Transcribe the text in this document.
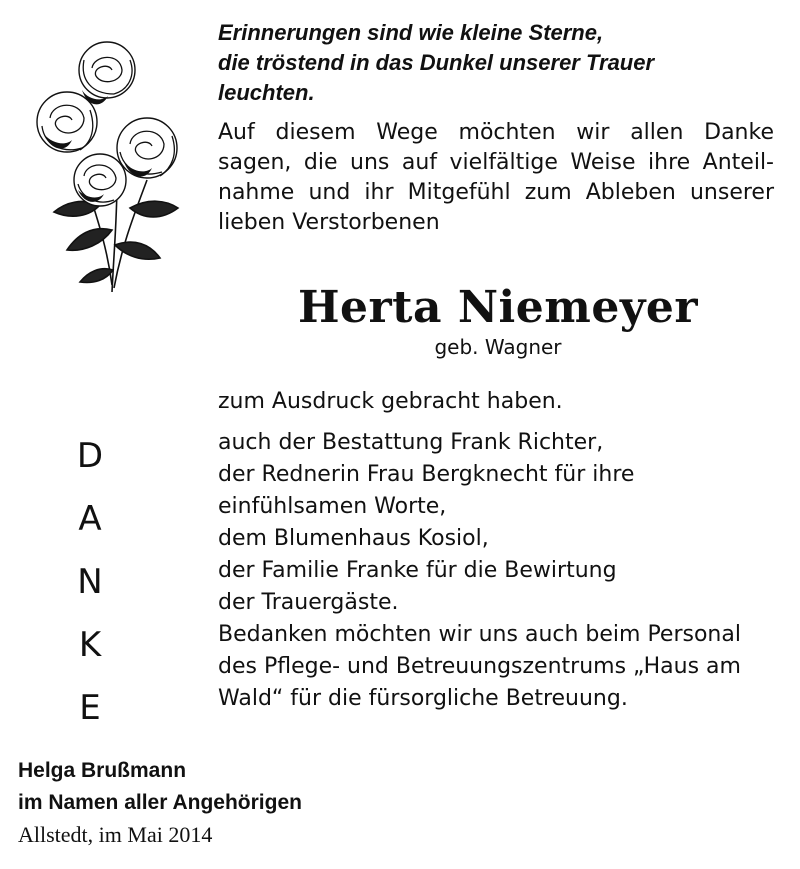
Erinnerungen sind wie kleine Sterne,
die tröstend in das Dunkel unserer Trauer
leuchten.
Auf diesem Wege möchten wir allen Danke
sagen, die uns auf vielfältige Weise ihre Anteil-
nahme und ihr Mitgefühl zum Ableben unserer
lieben Verstorbenen
Herta Niemeyer
geb. Wagner
zum Ausdruck gebracht haben.
D
A
N
K
E
auch der Bestattung Frank Richter,
der Rednerin Frau Bergknecht für ihre
einfühlsamen Worte,
dem Blumenhaus Kosiol,
der Familie Franke für die Bewirtung
der Trauergäste.
Bedanken möchten wir uns auch beim Personal
des Pflege- und Betreuungszentrums „Haus am
Wald“ für die fürsorgliche Betreuung.
Helga Brußmann
im Namen aller Angehörigen
Allstedt, im Mai 2014
